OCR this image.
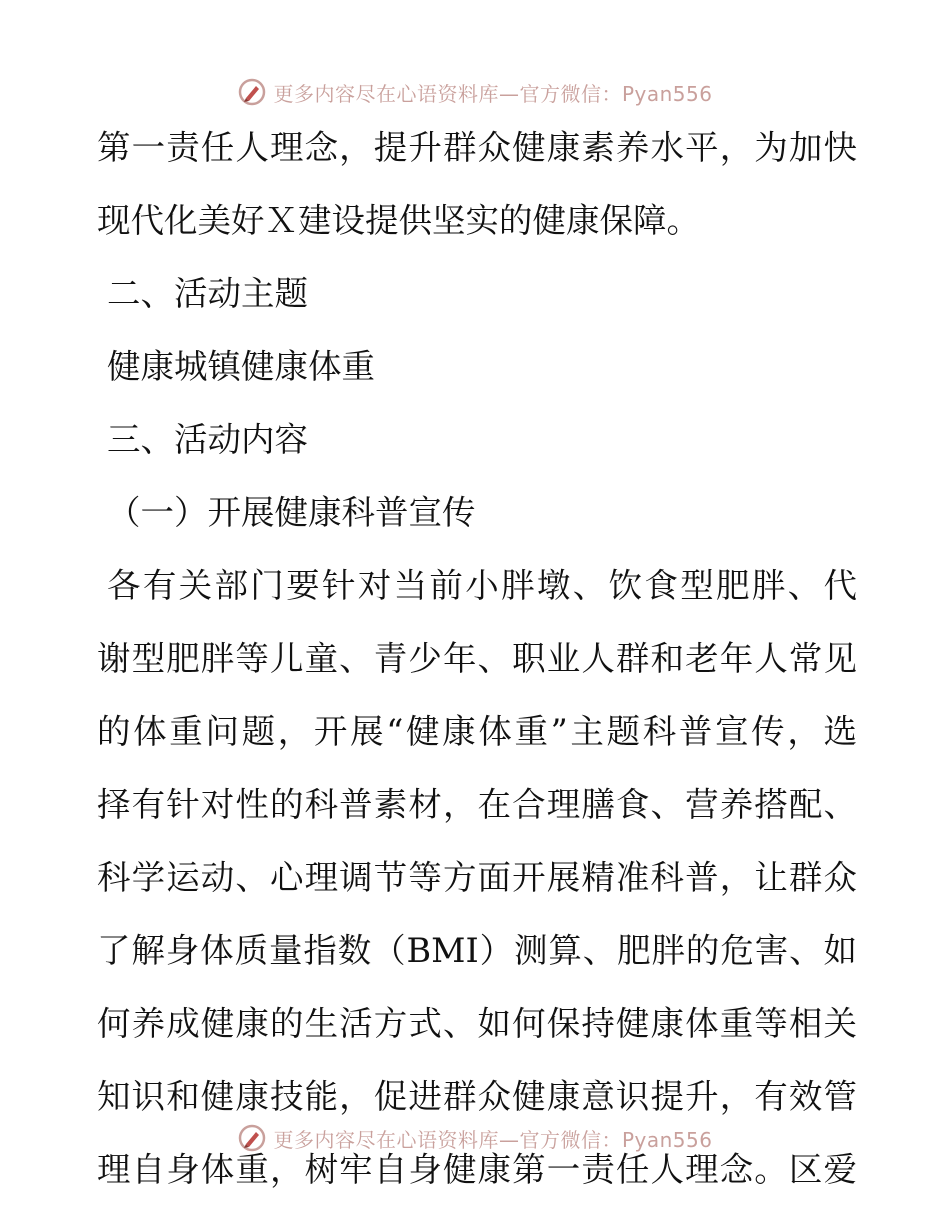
更多内容尽在心语资料库—官方微信：Pyan556
第一责任人理念，提升群众健康素养水平，为加快
现代化美好Ｘ建设提供坚实的健康保障。
二、活动主题
健康城镇健康体重
三、活动内容
（一）开展健康科普宣传
各有关部门要针对当前小胖墩、饮食型肥胖、代
谢型肥胖等儿童、青少年、职业人群和老年人常见
的体重问题，开展“健康体重”主题科普宣传，选
择有针对性的科普素材，在合理膳食、营养搭配、
科学运动、心理调节等方面开展精准科普，让群众
了解身体质量指数（BMI）测算、肥胖的危害、如
何养成健康的生活方式、如何保持健康体重等相关
知识和健康技能，促进群众健康意识提升，有效管
理自身体重，树牢自身健康第一责任人理念。区爱
更多内容尽在心语资料库—官方微信：Pyan556
